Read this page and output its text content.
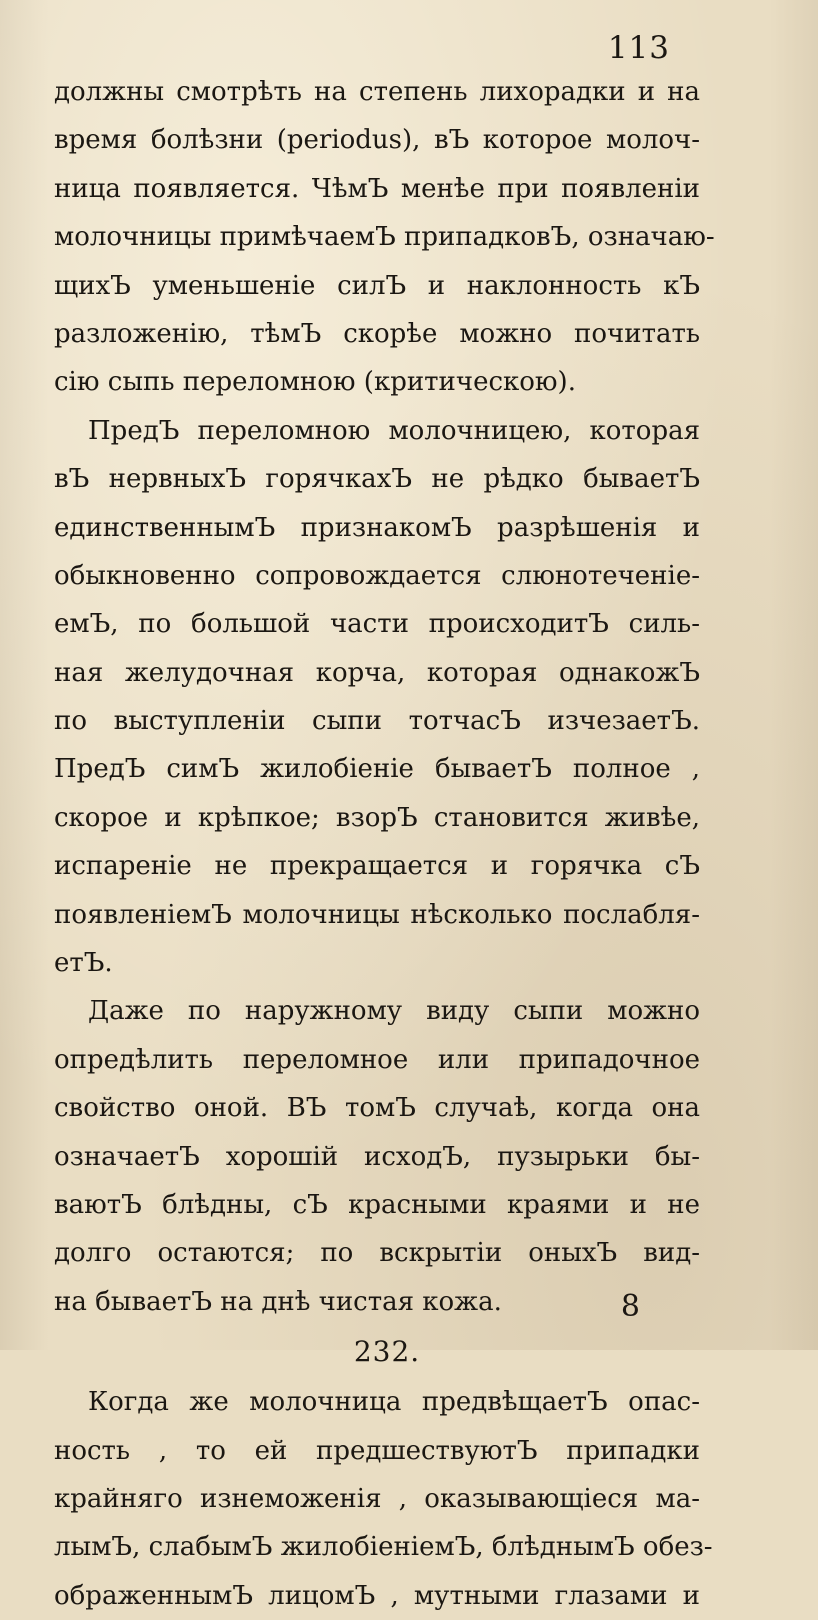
113
должны смотрѣть на степень лихорадки и на
время болѣзни (periodus), вЪ которое молоч-
ница появляется. ЧѣмЪ менѣе при появленіи
молочницы примѣчаемЪ припадковЪ, означаю-
щихЪ уменьшеніе силЪ и наклонность кЪ
разложенію, тѣмЪ скорѣе можно почитать
сію сыпь переломною (критическою).
ПредЪ переломною молочницею, которая
вЪ нервныхЪ горячкахЪ не рѣдко бываетЪ
единственнымЪ признакомЪ разрѣшенія и
обыкновенно сопровождается слюнотеченіе-
емЪ, по большой части происходитЪ силь-
ная желудочная корча, которая однакожЪ
по выступленіи сыпи тотчасЪ изчезаетЪ.
ПредЪ симЪ жилобіеніе бываетЪ полное ,
скорое и крѣпкое; взорЪ становится живѣе,
испареніе не прекращается и горячка сЪ
появленіемЪ молочницы нѣсколько послабля-
етЪ.
Даже по наружному виду сыпи можно
опредѣлить переломное или припадочное
свойство оной. ВЪ томЪ случаѣ, когда она
означаетЪ хорошій исходЪ, пузырьки бы-
ваютЪ блѣдны, сЪ красными краями и не
долго остаются; по вскрытіи оныхЪ вид-
на бываетЪ на днѣ чистая кожа.
232.
Когда же молочница предвѣщаетЪ опас-
ность , то ей предшествуютЪ припадки
крайняго изнеможенія , оказывающіеся ма-
лымЪ, слабымЪ жилобіеніемЪ, блѣднымЪ обез-
ображеннымЪ лицомЪ , мутными глазами и
8
